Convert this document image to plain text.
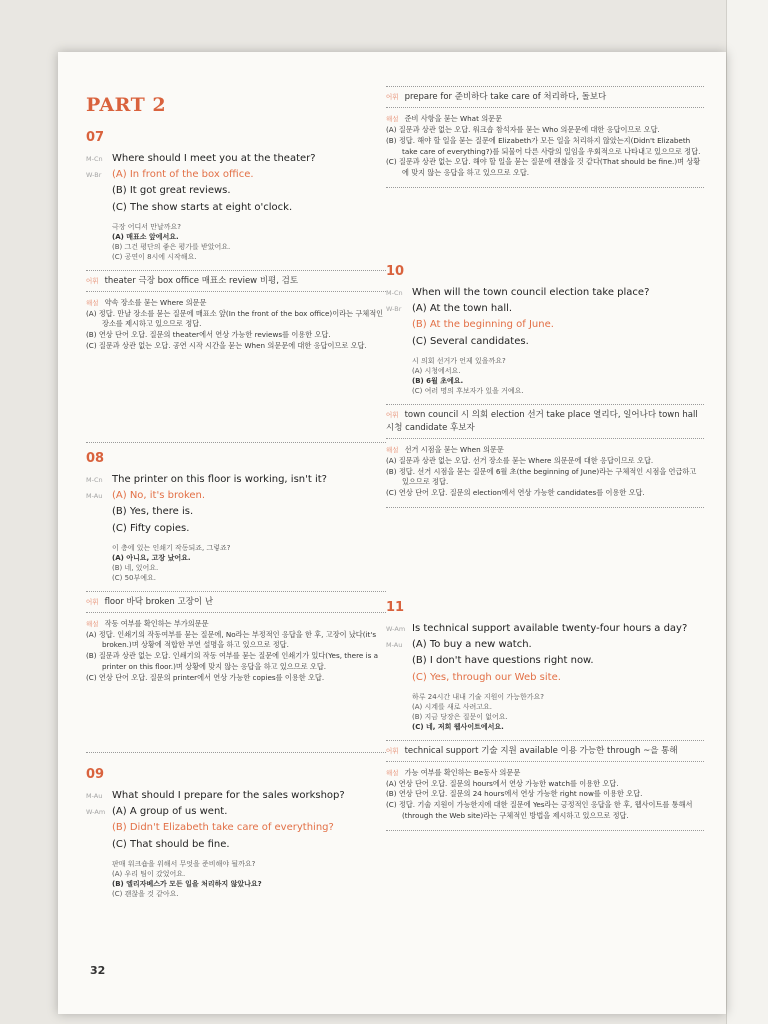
PART 2
07
M-Cn Where should I meet you at the theater?
W-Br	(A) In front of the box office.
(B) It got great reviews.
(C) The show starts at eight o'clock.
극장 어디서 만날까요?
(A) 매표소 앞에서요.
(B) 그건 평단의 좋은 평가를 받았어요.
(C) 공연이 8시에 시작해요.
어휘 theater 극장 box office 매표소 review 비평, 검토
해설 약속 장소를 묻는 Where 의문문
(A) 정답. 만날 장소를 묻는 질문에 매표소 앞(In the front of the box office)이라는 구체적인 장소를 제시하고 있으므로 정답.
(B) 연상 단어 오답. 질문의 theater에서 연상 가능한 reviews를 이용한 오답.
(C) 질문과 상관 없는 오답. 공연 시작 시간을 묻는 When 의문문에 대한 응답이므로 오답.
08
M-Cn The printer on this floor is working, isn't it?
M-Au (A) No, it's broken.
(B) Yes, there is.
(C) Fifty copies.
이 층에 있는 인쇄기 작동되죠, 그렇죠?
(A) 아니요, 고장 났어요.
(B) 네, 있어요.
(C) 50부예요.
어휘 floor 바닥 broken 고장이 난
해설 작동 여부를 확인하는 부가의문문
(A) 정답. 인쇄기의 작동여부를 묻는 질문에, No라는 부정적인 응답을 한 후, 고장이 났다(it's broken.)며 상황에 적합한 부연 설명을 하고 있으므로 정답.
(B) 질문과 상관 없는 오답. 인쇄기의 작동 여부를 묻는 질문에 인쇄기가 있다(Yes, there is a printer on this floor.)며 상황에 맞지 않는 응답을 하고 있으므로 오답.
(C) 연상 단어 오답. 질문의 printer에서 연상 가능한 copies를 이용한 오답.
09
M-Au What should I prepare for the sales workshop?
W-Am (A) A group of us went.
(B) Didn't Elizabeth take care of everything?
(C) That should be fine.
판매 워크숍을 위해서 무엇을 준비해야 될까요?
(A) 우리 팀이 갔었어요.
(B) 엘리자베스가 모든 일을 처리하지 않았나요?
(C) 괜찮을 것 같아요.
32
어휘 prepare for 준비하다 take care of 처리하다, 돌보다
해설 준비 사항을 묻는 What 의문문
(A) 질문과 상관 없는 오답. 워크숍 참석자를 묻는 Who 의문문에 대한 응답이므로 오답.
(B) 정답. 해야 할 일을 묻는 질문에 Elizabeth가 모든 일을 처리하지 않았는지(Didn't Elizabeth take care of everything?)를 되물어 다른 사람의 일임을 우회적으로 나타내고 있으므로 정답.
(C) 질문과 상관 없는 오답. 해야 할 일을 묻는 질문에 괜찮을 것 같다(That should be fine.)며 상황에 맞지 않는 응답을 하고 있으므로 오답.
10
M-Cn When will the town council election take place?
W-Br	(A) At the town hall.
(B) At the beginning of June.
(C) Several candidates.
시 의회 선거가 언제 있을까요?
(A) 시청에서요.
(B) 6월 초에요.
(C) 여러 명의 후보자가 있을 거예요.
어휘 town council 시 의회 election 선거 take place 열리다, 일어나다 town hall 시청 candidate 후보자
해설 선거 시점을 묻는 When 의문문
(A) 질문과 상관 없는 오답. 선거 장소를 묻는 Where 의문문에 대한 응답이므로 오답.
(B) 정답. 선거 시점을 묻는 질문에 6월 초(the beginning of June)라는 구체적인 시점을 언급하고 있으므로 정답.
(C) 연상 단어 오답. 질문의 election에서 연상 가능한 candidates를 이용한 오답.
11
W-Am Is technical support available twenty-four hours a day?
M-Au (A) To buy a new watch.
(B) I don't have questions right now.
(C) Yes, through our Web site.
하루 24시간 내내 기술 지원이 가능한가요?
(A) 시계를 새로 사려고요.
(B) 지금 당장은 질문이 없어요.
(C) 네, 저희 웹사이트에서요.
어휘 technical support 기술 지원 available 이용 가능한 through ~을 통해
해설 가능 여부를 확인하는 Be동사 의문문
(A) 연상 단어 오답. 질문의 hours에서 연상 가능한 watch를 이용한 오답.
(B) 연상 단어 오답. 질문의 24 hours에서 연상 가능한 right now를 이용한 오답.
(C) 정답. 기술 지원이 가능한지에 대한 질문에 Yes라는 긍정적인 응답을 한 후, 웹사이트를 통해서(through the Web site)라는 구체적인 방법을 제시하고 있으므로 정답.
